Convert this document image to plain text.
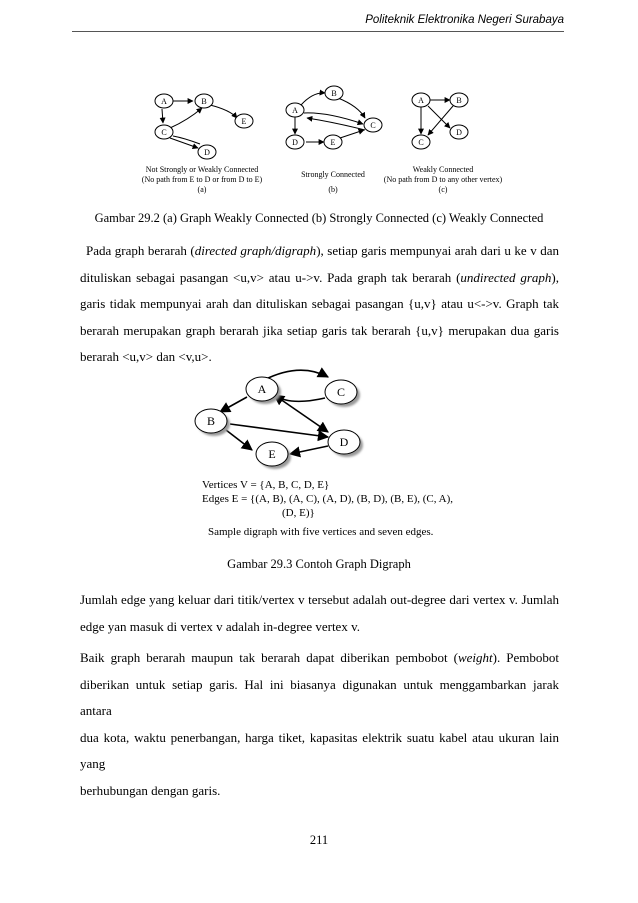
Politeknik Elektronika Negeri Surabaya
A	B
C
D
E
Not Strongly or Weakly Connected
(No path from E to D or from D to E)
(a)
A
B
C
D	E
Strongly Connected
(b)
A	B
C
D
Weakly Connected
(No path from D to any other vertex)
(c)
Gambar 29.2 (a) Graph Weakly Connected (b) Strongly Connected (c) Weakly Connected
Pada graph berarah (directed graph/digraph), setiap garis mempunyai arah dari u ke v dan
dituliskan sebagai pasangan <u,v> atau u->v. Pada graph tak berarah (undirected graph),
garis tidak mempunyai arah dan dituliskan sebagai pasangan {u,v} atau u<->v. Graph tak
berarah merupakan graph berarah jika setiap garis tak berarah {u,v} merupakan dua garis
berarah <u,v> dan <v,u>.
A
B
C
D
E
Vertices V = {A, B, C, D, E}
Edges E = {(A, B), (A, C), (A, D), (B, D), (B, E), (C, A),
(D, E)}
Sample digraph with five vertices and seven edges.
Gambar 29.3 Contoh Graph Digraph
Jumlah edge yang keluar dari titik/vertex v tersebut adalah out-degree dari vertex v. Jumlah
edge yan masuk di vertex v adalah in-degree vertex v.
Baik graph berarah maupun tak berarah dapat diberikan pembobot (weight). Pembobot
diberikan untuk setiap garis. Hal ini biasanya digunakan untuk menggambarkan jarak antara
dua kota, waktu penerbangan, harga tiket, kapasitas elektrik suatu kabel atau ukuran lain yang
berhubungan dengan garis.
211
